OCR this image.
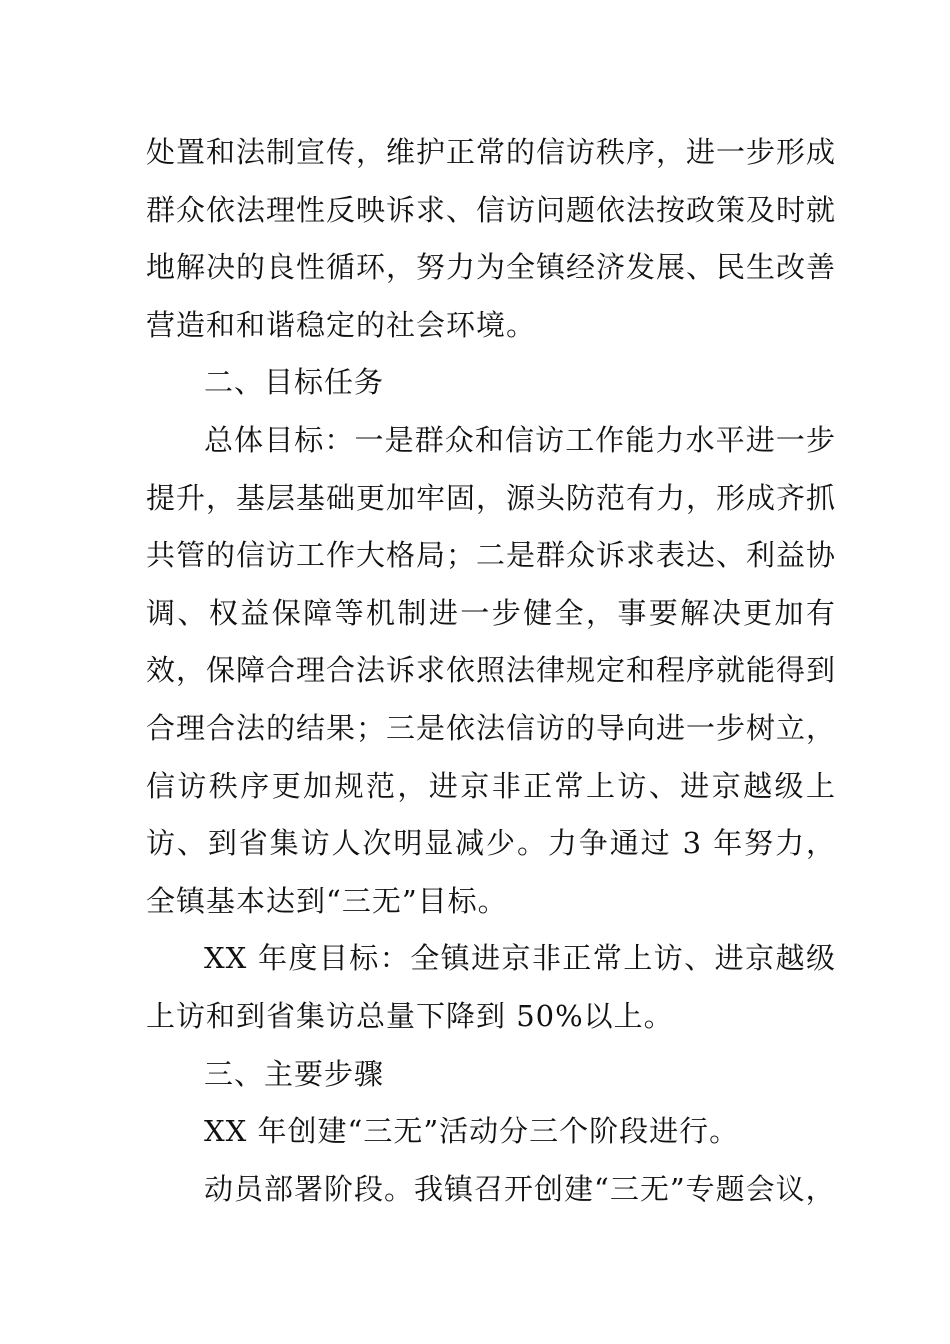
处置和法制宣传，维护正常的信访秩序，进一步形成群众依法理性反映诉求、信访问题依法按政策及时就地解决的良性循环，努力为全镇经济发展、民生改善营造和和谐稳定的社会环境。

二、目标任务

总体目标：一是群众和信访工作能力水平进一步提升，基层基础更加牢固，源头防范有力，形成齐抓共管的信访工作大格局；二是群众诉求表达、利益协调、权益保障等机制进一步健全，事要解决更加有效，保障合理合法诉求依照法律规定和程序就能得到合理合法的结果；三是依法信访的导向进一步树立，信访秩序更加规范，进京非正常上访、进京越级上访、到省集访人次明显减少。力争通过 3 年努力，全镇基本达到“三无”目标。

XX 年度目标：全镇进京非正常上访、进京越级上访和到省集访总量下降到 50%以上。

三、主要步骤

XX 年创建“三无”活动分三个阶段进行。

动员部署阶段。我镇召开创建“三无”专题会议，
